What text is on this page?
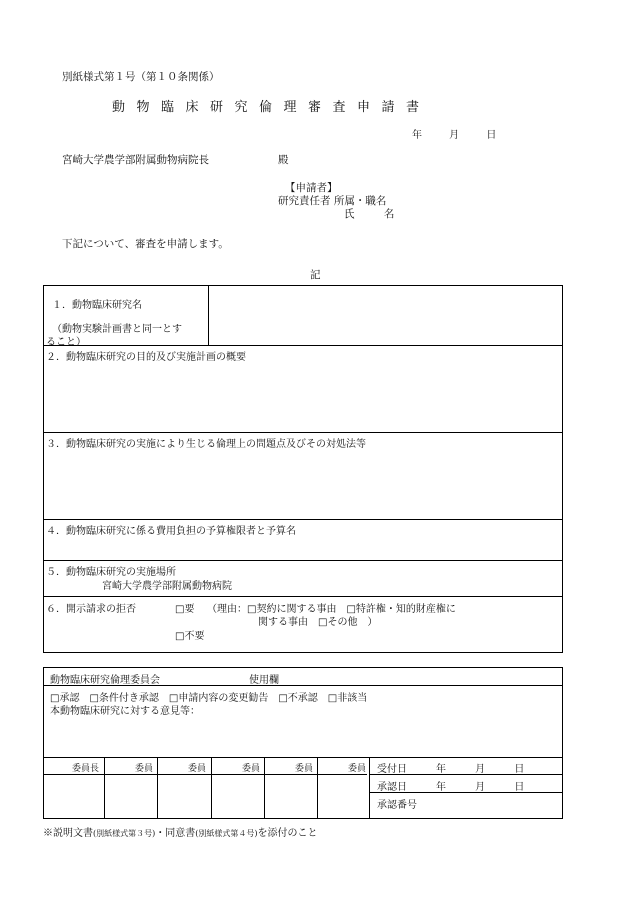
別紙様式第１号（第１０条関係）
動物臨床研究倫理審査申請書
年 月 日
宮崎大学農学部附属動物病院長	殿
【申請者】
研究責任者 所属・職名
氏 名
下記について、審査を申請します。
記
１．動物臨床研究名
（動物実験計画書と同一とす
ること）
２．動物臨床研究の目的及び実施計画の概要
３．動物臨床研究の実施により生じる倫理上の問題点及びその対処法等
４．動物臨床研究に係る費用負担の予算権限者と予算名
５．動物臨床研究の実施場所
宮崎大学農学部附属動物病院
６．開示請求の拒否	□要 （理由：□契約に関する事由　□特許権・知的財産権に
関する事由　□その他　）
□不要
動物臨床研究倫理委員会	使用欄
□承認　□条件付き承認　□申請内容の変更勧告　□不承認　□非該当
本動物臨床研究に対する意見等：
委員長	委員	委員	委員	委員	委員 受付日	年 月 日
承認日	年 月 日
承認番号
※説明文書(別紙様式第３号)・同意書(別紙様式第４号)を添付のこと
